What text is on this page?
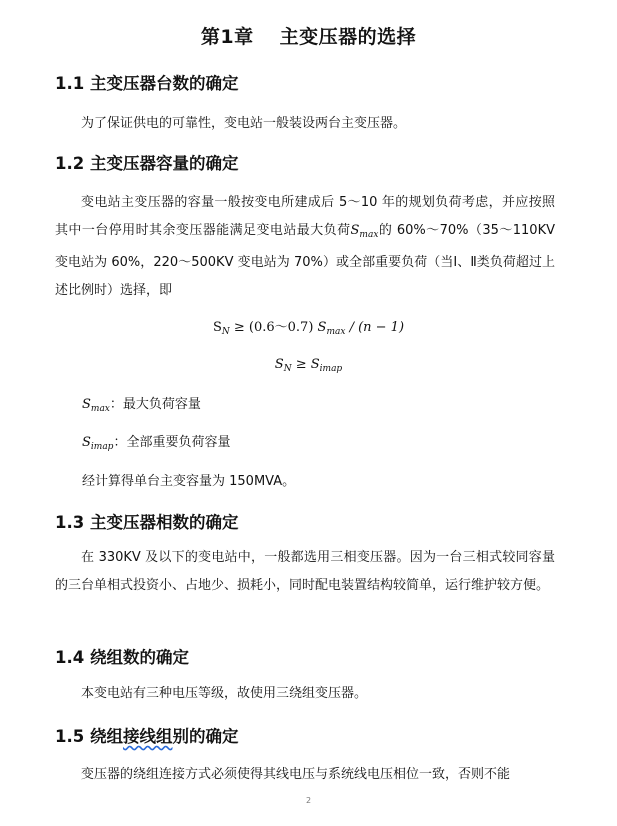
第1章 主变压器的选择
1.1 主变压器台数的确定
为了保证供电的可靠性，变电站一般装设两台主变压器。
1.2 主变压器容量的确定
变电站主变压器的容量一般按变电所建成后 5～10 年的规划负荷考虑，并应按照其中一台停用时其余变压器能满足变电站最大负荷$S_{max}$的 60%～70%（35～110KV 变电站为 60%，220～500KV 变电站为 70%）或全部重要负荷（当Ⅰ、Ⅱ类负荷超过上述比例时）选择，即
$S_N$ ≥ (0.6～0.7) $S_{max} / (n - 1)$
$S_N \ge S_{imap}$
$S_{max}$：最大负荷容量
$S_{imap}$：全部重要负荷容量
经计算得单台主变容量为 150MVA。
1.3 主变压器相数的确定
在 330KV 及以下的变电站中，一般都选用三相变压器。因为一台三相式较同容量的三台单相式投资小、占地少、损耗小，同时配电装置结构较简单，运行维护较方便。
1.4 绕组数的确定
本变电站有三种电压等级，故使用三绕组变压器。
1.5 绕组接线组别的确定
变压器的绕组连接方式必须使得其线电压与系统线电压相位一致，否则不能
2
